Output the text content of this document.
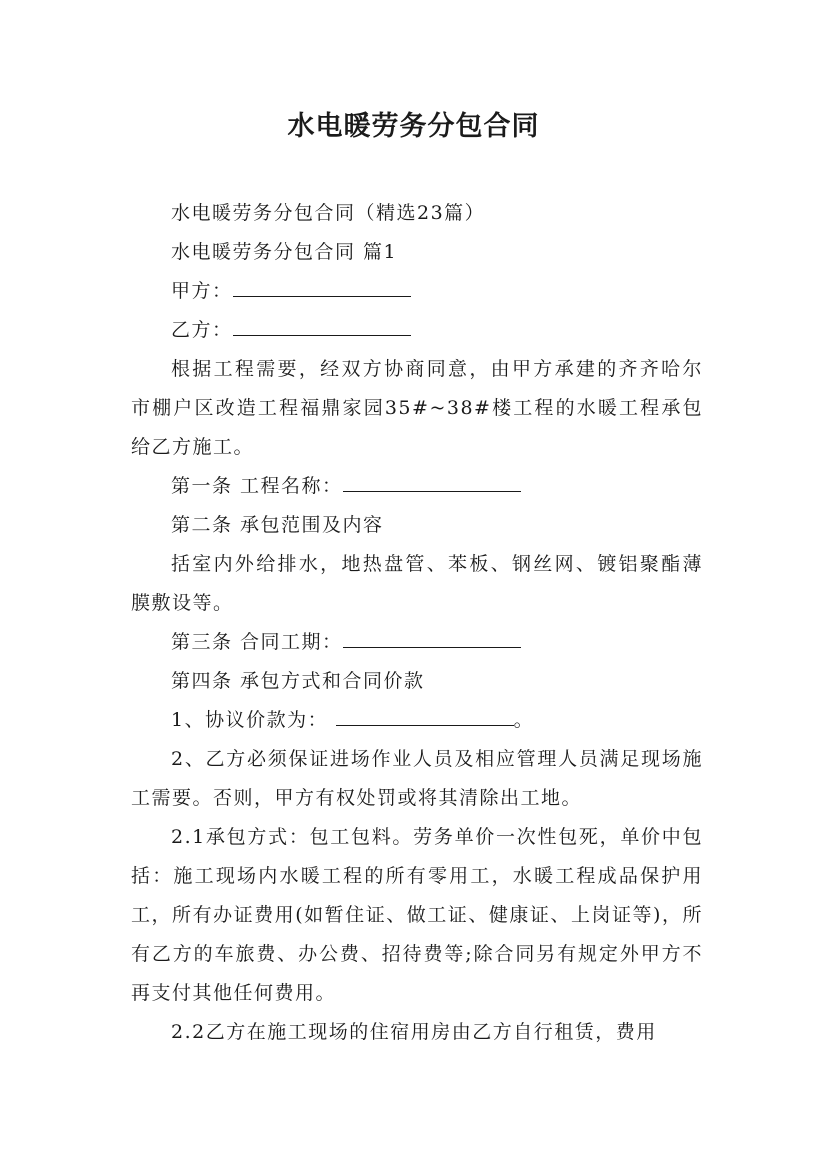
水电暖劳务分包合同

水电暖劳务分包合同（精选23篇）

水电暖劳务分包合同 篇1

甲方：

乙方：

根据工程需要，经双方协商同意，由甲方承建的齐齐哈尔市棚户区改造工程福鼎家园35#~38#楼工程的水暖工程承包给乙方施工。

第一条 工程名称：

第二条 承包范围及内容

括室内外给排水，地热盘管、苯板、钢丝网、镀铝聚酯薄膜敷设等。

第三条 合同工期：

第四条 承包方式和合同价款

1、协议价款为：	。

2、乙方必须保证进场作业人员及相应管理人员满足现场施工需要。否则，甲方有权处罚或将其清除出工地。

2.1承包方式：包工包料。劳务单价一次性包死，单价中包括：施工现场内水暖工程的所有零用工，水暖工程成品保护用工，所有办证费用(如暂住证、做工证、健康证、上岗证等)，所有乙方的车旅费、办公费、招待费等;除合同另有规定外甲方不再支付其他任何费用。

2.2乙方在施工现场的住宿用房由乙方自行租赁，费用
